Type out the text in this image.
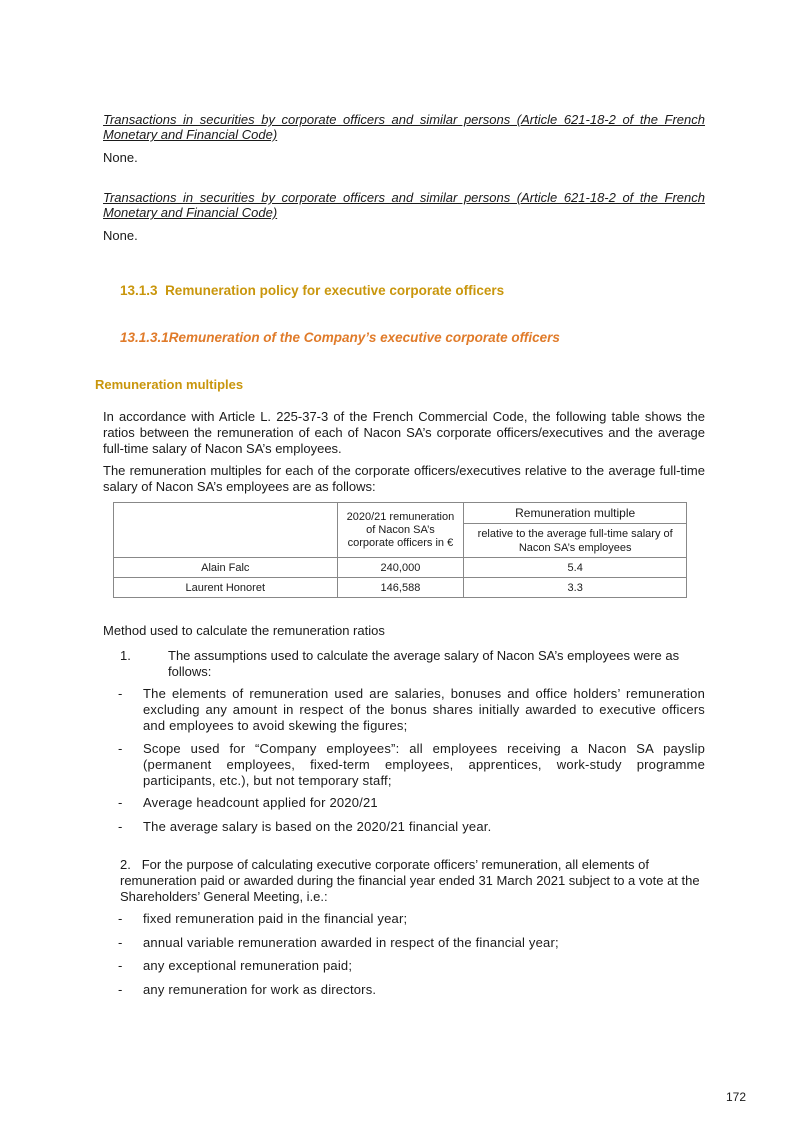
Transactions in securities by corporate officers and similar persons (Article 621-18-2 of the French Monetary and Financial Code)
None.
Transactions in securities by corporate officers and similar persons (Article 621-18-2 of the French Monetary and Financial Code)
None.
13.1.3 Remuneration policy for executive corporate officers
13.1.3.1Remuneration of the Company’s executive corporate officers
Remuneration multiples
In accordance with Article L. 225-37-3 of the French Commercial Code, the following table shows the ratios between the remuneration of each of Nacon SA’s corporate officers/executives and the average full-time salary of Nacon SA’s employees.
The remuneration multiples for each of the corporate officers/executives relative to the average full-time salary of Nacon SA’s employees are as follows:
	2020/21 remuneration of Nacon SA’s corporate officers in €	Remuneration multiple
		relative to the average full-time salary of Nacon SA’s employees
Alain Falc	240,000	5.4
Laurent Honoret	146,588	3.3
Method used to calculate the remuneration ratios
1.	The assumptions used to calculate the average salary of Nacon SA’s employees were as follows:
- The elements of remuneration used are salaries, bonuses and office holders’ remuneration excluding any amount in respect of the bonus shares initially awarded to executive officers and employees to avoid skewing the figures;
- Scope used for “Company employees”: all employees receiving a Nacon SA payslip (permanent employees, fixed-term employees, apprentices, work-study programme participants, etc.), but not temporary staff;
- Average headcount applied for 2020/21
- The average salary is based on the 2020/21 financial year.
2. For the purpose of calculating executive corporate officers’ remuneration, all elements of remuneration paid or awarded during the financial year ended 31 March 2021 subject to a vote at the Shareholders’ General Meeting, i.e.:
- fixed remuneration paid in the financial year;
- annual variable remuneration awarded in respect of the financial year;
- any exceptional remuneration paid;
- any remuneration for work as directors.
172
